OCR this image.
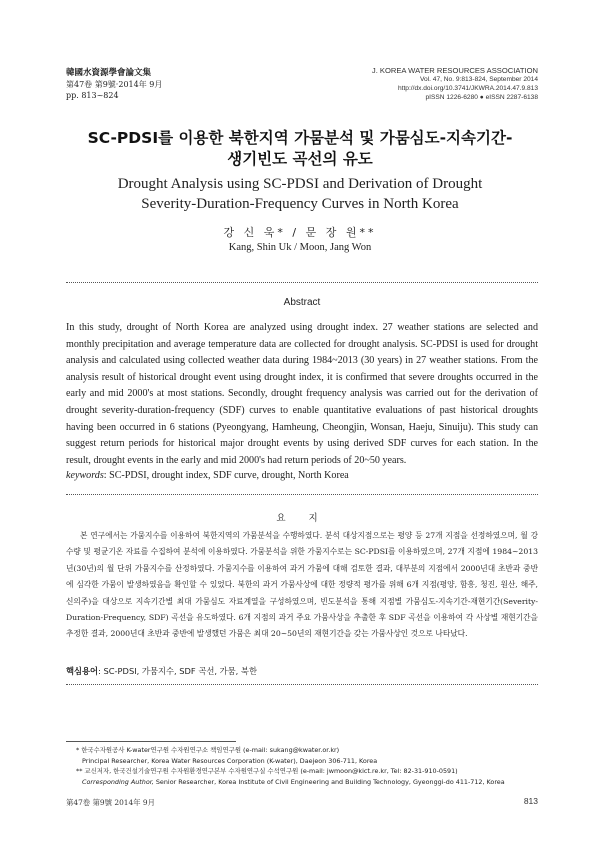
韓國水資源學會論文集
第47卷 第9號·2014年 9月
pp. 813~824
J. KOREA WATER RESOURCES ASSOCIATION
Vol. 47, No. 9:813-824, September 2014
http://dx.doi.org/10.3741/JKWRA.2014.47.9.813
pISSN 1226-6280 ● eISSN 2287-6138
SC-PDSI를 이용한 북한지역 가뭄분석 및 가뭄심도-지속기간-
생기빈도 곡선의 유도
Drought Analysis using SC-PDSI and Derivation of Drought
Severity-Duration-Frequency Curves in North Korea
강 신 욱* / 문 장 원**
Kang, Shin Uk / Moon, Jang Won
Abstract
In this study, drought of North Korea are analyzed using drought index. 27 weather stations are selected and monthly precipitation and average temperature data are collected for drought analysis. SC-PDSI is used for drought analysis and calculated using collected weather data during 1984~2013 (30 years) in 27 weather stations. From the analysis result of historical drought event using drought index, it is confirmed that severe droughts occurred in the early and mid 2000's at most stations. Secondly, drought frequency analysis was carried out for the derivation of drought severity-duration-frequency (SDF) curves to enable quantitative evaluations of past historical droughts having been occurred in 6 stations (Pyeongyang, Hamheung, Cheongjin, Wonsan, Haeju, Sinuiju). This study can suggest return periods for historical major drought events by using derived SDF curves for each station. In the result, drought events in the early and mid 2000's had return periods of 20~50 years.
keywords: SC-PDSI, drought index, SDF curve, drought, North Korea
요 지
본 연구에서는 가뭄지수를 이용하여 북한지역의 가뭄분석을 수행하였다. 분석 대상지점으로는 평양 등 27개 지점을 선정하였으며, 월 강수량 및 평균기온 자료를 수집하여 분석에 이용하였다. 가뭄분석을 위한 가뭄지수로는 SC-PDSI를 이용하였으며, 27개 지점에 1984~2013년(30년)의 월 단위 가뭄지수를 산정하였다. 가뭄지수를 이용하여 과거 가뭄에 대해 검토한 결과, 대부분의 지점에서 2000년대 초반과 중반에 심각한 가뭄이 발생하였음을 확인할 수 있었다. 북한의 과거 가뭄사상에 대한 정량적 평가를 위해 6개 지점(평양, 함흥, 청진, 원산, 해주, 신의주)을 대상으로 지속기간별 최대 가뭄심도 자료계열을 구성하였으며, 빈도분석을 통해 지점별 가뭄심도-지속기간-재현기간(Severity-Duration-Frequency, SDF) 곡선을 유도하였다. 6개 지점의 과거 주요 가뭄사상을 추출한 후 SDF 곡선을 이용하여 각 사상별 재현기간을 추정한 결과, 2000년대 초반과 중반에 발생했던 가뭄은 최대 20~50년의 재현기간을 갖는 가뭄사상인 것으로 나타났다.
핵심용어: SC-PDSI, 가뭄지수, SDF 곡선, 가뭄, 북한
* 한국수자원공사 K-water연구원 수자원연구소 책임연구원 (e-mail: sukang@kwater.or.kr)
Principal Researcher, Korea Water Resources Corporation (K-water), Daejeon 306-711, Korea
** 교신저자, 한국건설기술연구원 수자원환경연구본부 수자원연구실 수석연구원 (e-mail: jwmoon@kict.re.kr, Tel: 82-31-910-0591)
Corresponding Author, Senior Researcher, Korea Institute of Civil Engineering and Building Technology, Gyeonggi-do 411-712, Korea
第47卷 第9號 2014年 9月	813
